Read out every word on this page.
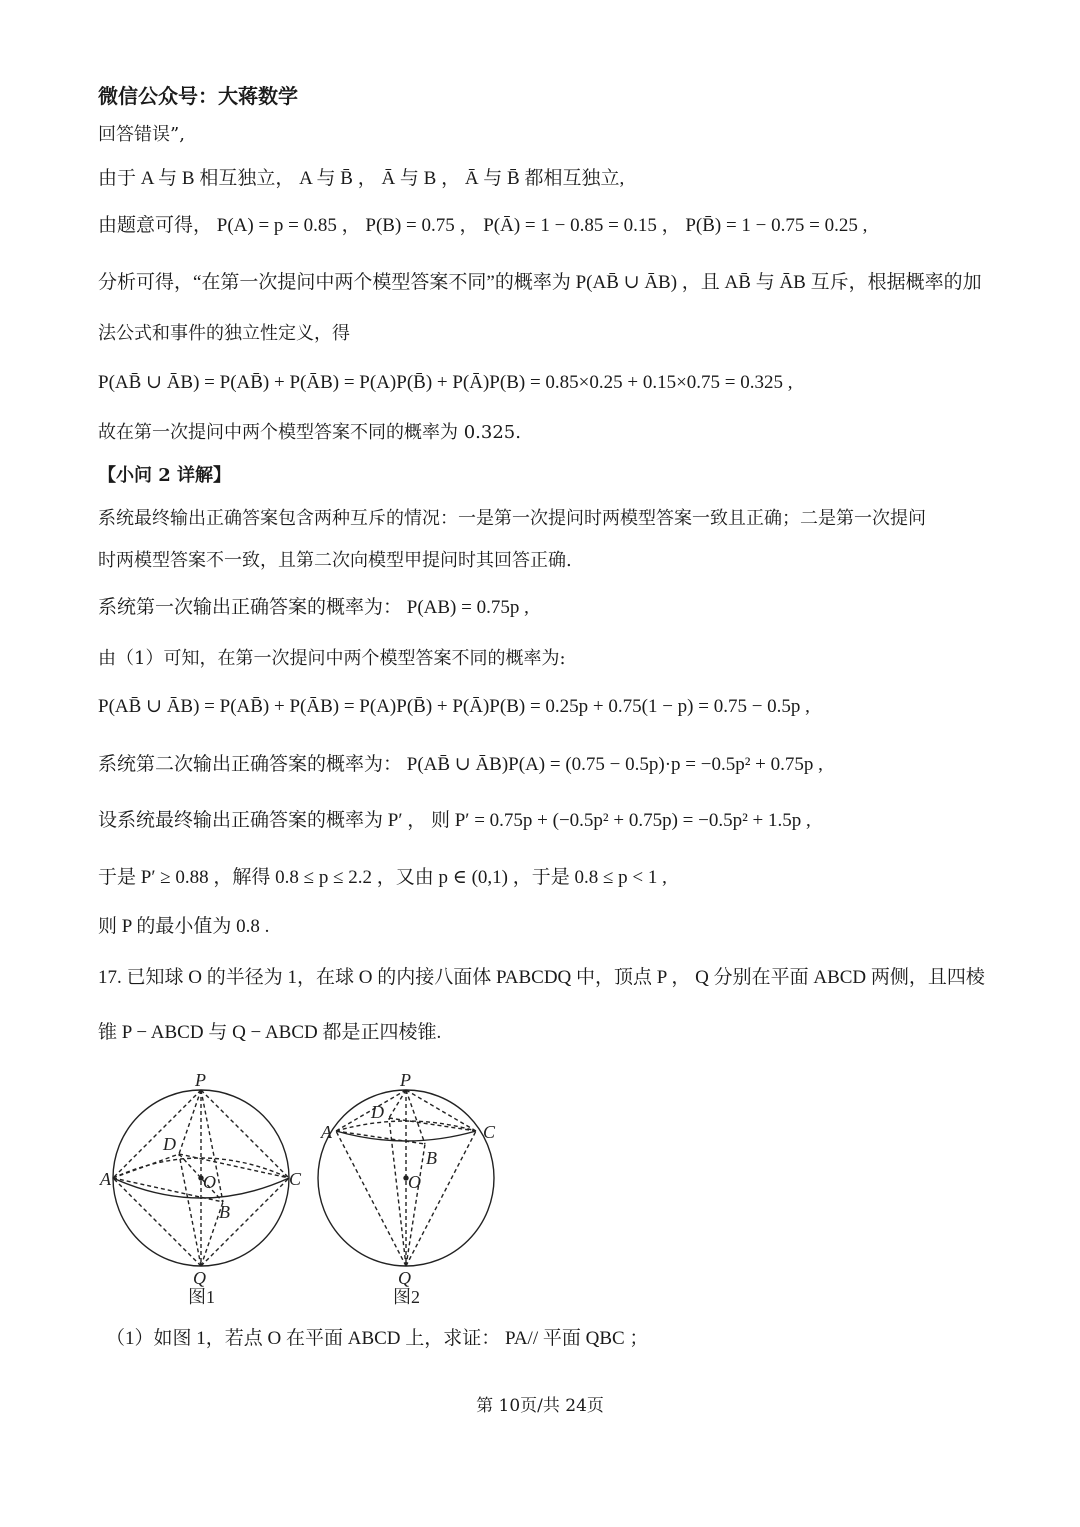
微信公众号：大蒋数学
回答错误”,
由于 A 与 B 相互独立， A 与 B̄ ， Ā 与 B ， Ā 与 B̄ 都相互独立,
由题意可得， P(A) = p = 0.85 ， P(B) = 0.75 ， P(Ā) = 1 − 0.85 = 0.15 ， P(B̄) = 1 − 0.75 = 0.25 ,
分析可得，“在第一次提问中两个模型答案不同”的概率为 P(AB̄ ∪ ĀB) ，且 AB̄ 与 ĀB 互斥，根据概率的加
法公式和事件的独立性定义，得
P(AB̄ ∪ ĀB) = P(AB̄) + P(ĀB) = P(A)P(B̄) + P(Ā)P(B) = 0.85×0.25 + 0.15×0.75 = 0.325 ,
故在第一次提问中两个模型答案不同的概率为 0.325.
【小问 2 详解】
系统最终输出正确答案包含两种互斥的情况：一是第一次提问时两模型答案一致且正确；二是第一次提问
时两模型答案不一致，且第二次向模型甲提问时其回答正确.
系统第一次输出正确答案的概率为： P(AB) = 0.75p ,
由（1）可知，在第一次提问中两个模型答案不同的概率为:
P(AB̄ ∪ ĀB) = P(AB̄) + P(ĀB) = P(A)P(B̄) + P(Ā)P(B) = 0.25p + 0.75(1 − p) = 0.75 − 0.5p ,
系统第二次输出正确答案的概率为： P(AB̄ ∪ ĀB)P(A) = (0.75 − 0.5p)·p = −0.5p² + 0.75p ,
设系统最终输出正确答案的概率为 P′ ， 则 P′ = 0.75p + (−0.5p² + 0.75p) = −0.5p² + 1.5p ,
于是 P′ ≥ 0.88 ，解得 0.8 ≤ p ≤ 2.2 ，又由 p ∈ (0,1) ，于是 0.8 ≤ p < 1 ,
则 P 的最小值为 0.8 .
17. 已知球 O 的半径为 1，在球 O 的内接八面体 PABCDQ 中，顶点 P ， Q 分别在平面 ABCD 两侧，且四棱
锥 P − ABCD 与 Q − ABCD 都是正四棱锥.
P
Q
A
B
C
D
O
图1
P
Q
A
B
C
D
O
图2
（1）如图 1，若点 O 在平面 ABCD 上，求证： PA// 平面 QBC ；
第 10页/共 24页
